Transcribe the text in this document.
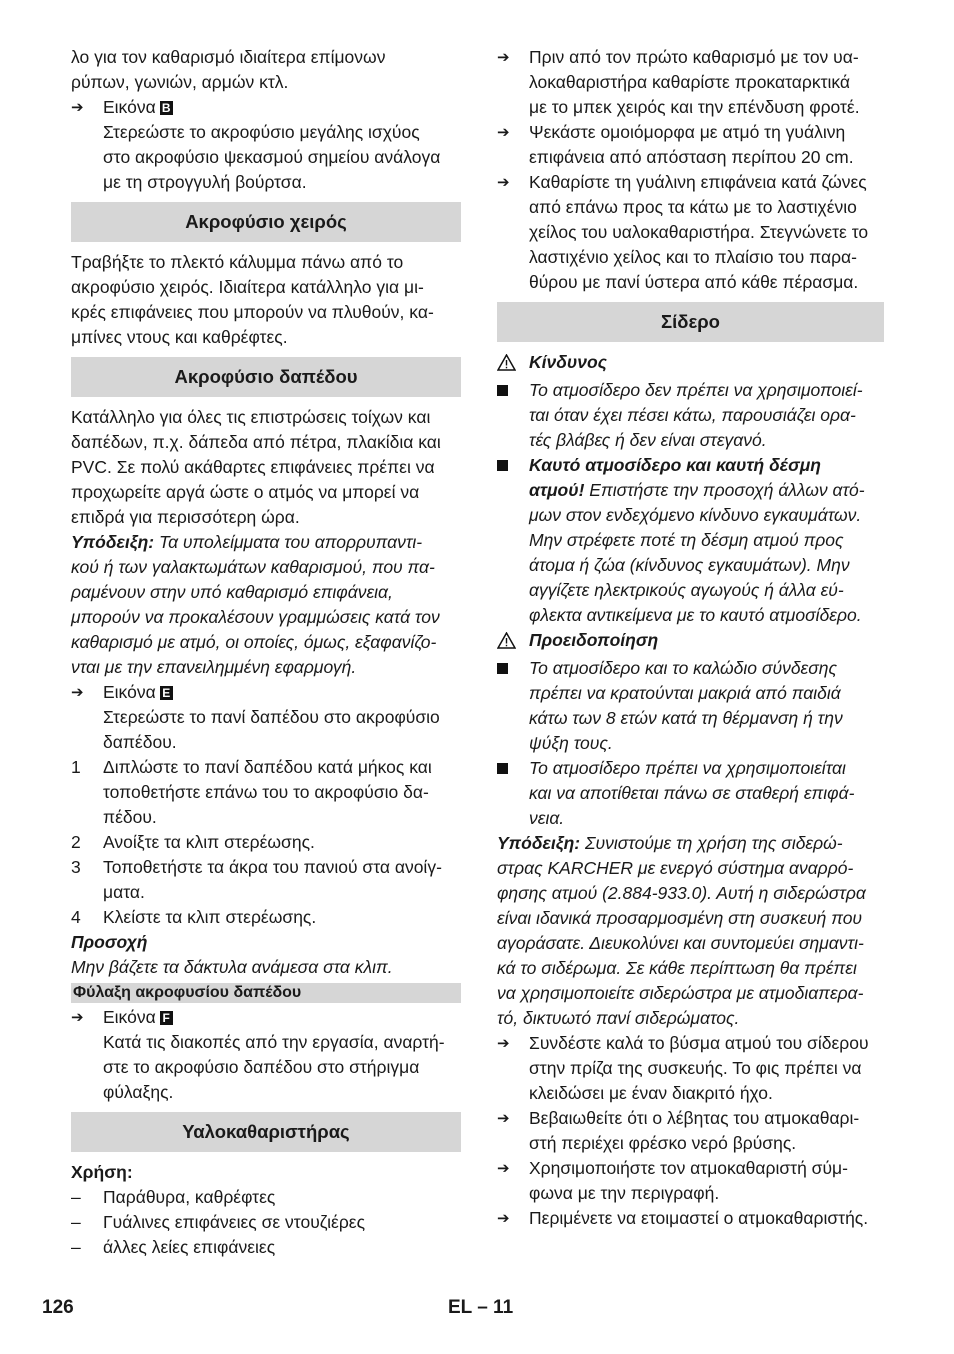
λο για τον καθαρισμό ιδιαίτερα επίμονων

ρύπων, γωνιών, αρμών κτλ.

➔	Εικόνα B
Στερεώστε το ακροφύσιο μεγάλης ισχύος
στο ακροφύσιο ψεκασμού σημείου ανάλογα
με τη στρογγυλή βούρτσα.
Ακροφύσιο χειρός

Τραβήξτε το πλεκτό κάλυμμα πάνω από το

ακροφύσιο χειρός. Ιδιαίτερα κατάλληλο για μι-

κρές επιφάνειες που μπορούν να πλυθούν, κα-

μπίνες ντους και καθρέφτες.

Ακροφύσιο δαπέδου

Κατάλληλο για όλες τις επιστρώσεις τοίχων και

δαπέδων, π.χ. δάπεδα από πέτρα, πλακίδια και

PVC. Σε πολύ ακάθαρτες επιφάνειες πρέπει να

προχωρείτε αργά ώστε ο ατμός να μπορεί να

επιδρά για περισσότερη ώρα.

Υπόδειξη: Τα υπολείμματα του απορρυπαντι-

κού ή των γαλακτωμάτων καθαρισμού, που πα-

ραμένουν στην υπό καθαρισμό επιφάνεια,

μπορούν να προκαλέσουν γραμμώσεις κατά τον

καθαρισμό με ατμό, οι οποίες, όμως, εξαφανίζο-

νται με την επανειλημμένη εφαρμογή.

➔	Εικόνα E
Στερεώστε το πανί δαπέδου στο ακροφύσιο
δαπέδου.
1	Διπλώστε το πανί δαπέδου κατά μήκος και
τοποθετήστε επάνω του το ακροφύσιο δα-
πέδου.
2	Ανοίξτε τα κλιπ στερέωσης.
3	Τοποθετήστε τα άκρα του πανιού στα ανοίγ-
ματα.
4	Κλείστε τα κλιπ στερέωσης.

Προσοχή

Μην βάζετε τα δάκτυλα ανάμεσα στα κλιπ.

Φύλαξη ακροφυσίου δαπέδου
➔	Εικόνα F
Κατά τις διακοπές από την εργασία, αναρτή-
στε το ακροφύσιο δαπέδου στο στήριγμα
φύλαξης.
Υαλοκαθαριστήρας

Χρήση:

–	Παράθυρα, καθρέφτες
–	Γυάλινες επιφάνειες σε ντουζιέρες
–	άλλες λείες επιφάνειες
➔	Πριν από τον πρώτο καθαρισμό με τον υα-
λοκαθαριστήρα καθαρίστε προκαταρκτικά
με το μπεκ χειρός και την επένδυση φροτέ.
➔	Ψεκάστε ομοιόμορφα με ατμό τη γυάλινη
επιφάνεια από απόσταση περίπου 20 cm.
➔	Καθαρίστε τη γυάλινη επιφάνεια κατά ζώνες
από επάνω προς τα κάτω με το λαστιχένιο
χείλος του υαλοκαθαριστήρα. Στεγνώνετε το
λαστιχένιο χείλος και το πλαίσιο του παρα-
θύρου με πανί ύστερα από κάθε πέρασμα.
Σίδερο
Κίνδυνος
Το ατμοσίδερο δεν πρέπει να χρησιμοποιεί-
ται όταν έχει πέσει κάτω, παρουσιάζει ορα-
τές βλάβες ή δεν είναι στεγανό.
Καυτό ατμοσίδερο και καυτή δέσμη
ατμού! Επιστήστε την προσοχή άλλων ατό-
μων στον ενδεχόμενο κίνδυνο εγκαυμάτων.
Μην στρέφετε ποτέ τη δέσμη ατμού προς
άτομα ή ζώα (κίνδυνος εγκαυμάτων). Μην
αγγίζετε ηλεκτρικούς αγωγούς ή άλλα εύ-
φλεκτα αντικείμενα με το καυτό ατμοσίδερο.
Προειδοποίηση
Το ατμοσίδερο και το καλώδιο σύνδεσης
πρέπει να κρατούνται μακριά από παιδιά
κάτω των 8 ετών κατά τη θέρμανση ή την
ψύξη τους.
Το ατμοσίδερο πρέπει να χρησιμοποιείται
και να αποτίθεται πάνω σε σταθερή επιφά-
νεια.

Υπόδειξη: Συνιστούμε τη χρήση της σιδερώ-

στρας KARCHER με ενεργό σύστημα αναρρό-

φησης ατμού (2.884-933.0). Αυτή η σιδερώστρα

είναι ιδανικά προσαρμοσμένη στη συσκευή που

αγοράσατε. Διευκολύνει και συντομεύει σημαντι-

κά το σιδέρωμα. Σε κάθε περίπτωση θα πρέπει

να χρησιμοποιείτε σιδερώστρα με ατμοδιαπερα-

τό, δικτυωτό πανί σιδερώματος.

➔	Συνδέστε καλά το βύσμα ατμού του σίδερου
στην πρίζα της συσκευής. Το φις πρέπει να
κλειδώσει με έναν διακριτό ήχο.
➔	Βεβαιωθείτε ότι ο λέβητας του ατμοκαθαρι-
στή περιέχει φρέσκο νερό βρύσης.
➔	Χρησιμοποιήστε τον ατμοκαθαριστή σύμ-
φωνα με την περιγραφή.
➔	Περιμένετε να ετοιμαστεί ο ατμοκαθαριστής.
126	EL – 11
